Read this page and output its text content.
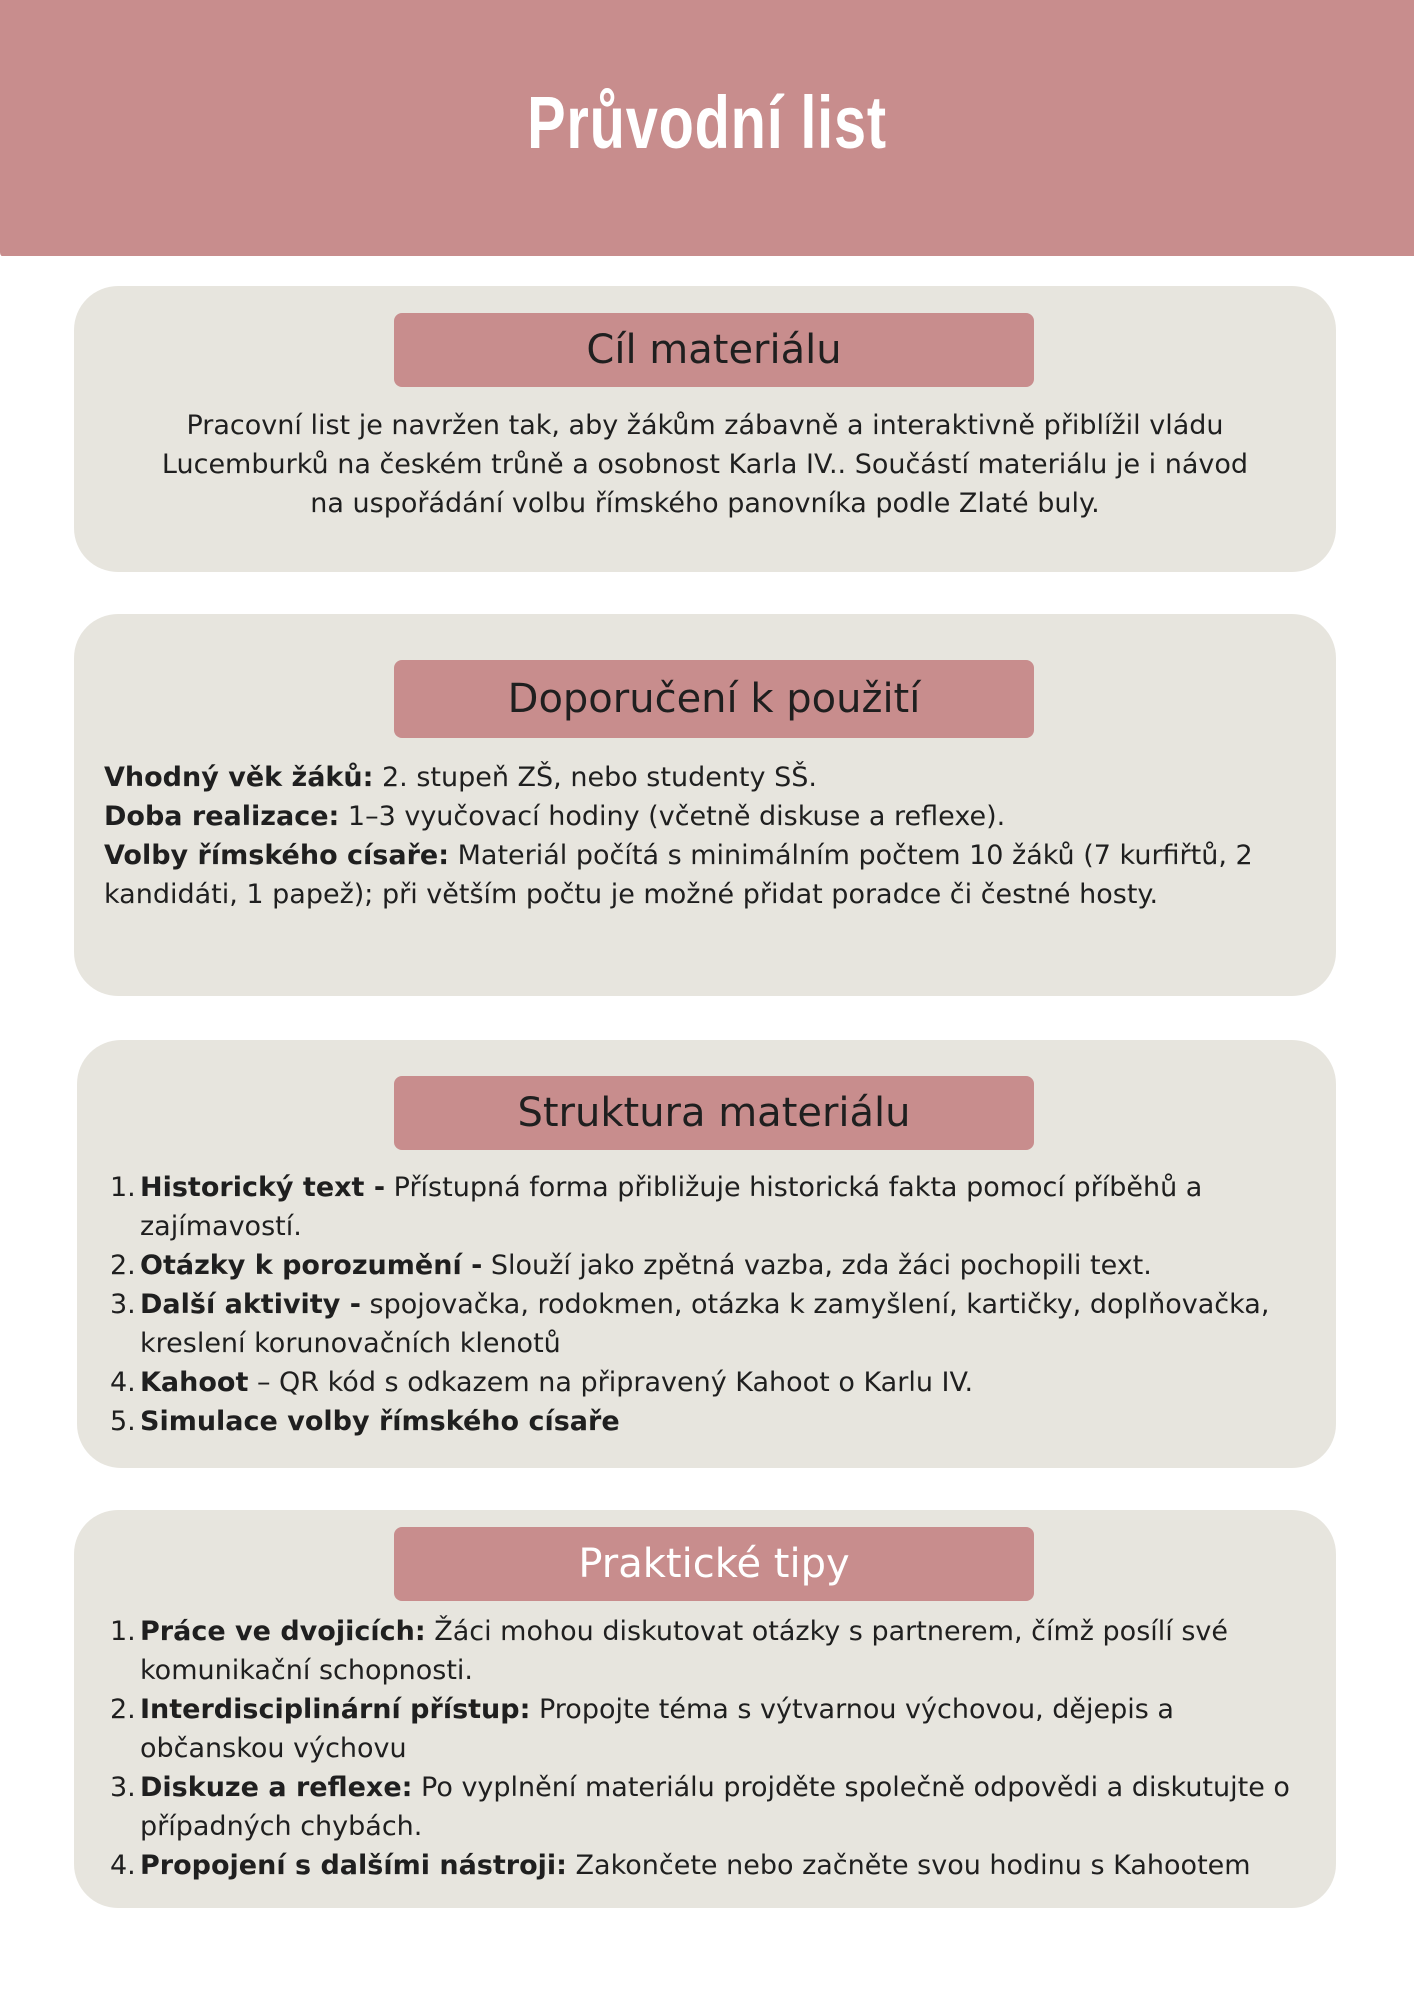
Průvodní list
Cíl materiálu
Pracovní list je navržen tak, aby žákům zábavně a interaktivně přiblížil vládu Lucemburků na českém trůně a osobnost Karla IV.. Součástí materiálu je i návod na uspořádání volbu římského panovníka podle Zlaté buly.
Doporučení k použití
Vhodný věk žáků: 2. stupeň ZŠ, nebo studenty SŠ.
Doba realizace: 1–3 vyučovací hodiny (včetně diskuse a reflexe).
Volby římského císaře: Materiál počítá s minimálním počtem 10 žáků (7 kurfiřtů, 2 kandidáti, 1 papež); při větším počtu je možné přidat poradce či čestné hosty.
Struktura materiálu
1. Historický text - Přístupná forma přibližuje historická fakta pomocí příběhů a zajímavostí.
2. Otázky k porozumění - Slouží jako zpětná vazba, zda žáci pochopili text.
3. Další aktivity - spojovačka, rodokmen, otázka k zamyšlení, kartičky, doplňovačka, kreslení korunovačních klenotů
4. Kahoot – QR kód s odkazem na připravený Kahoot o Karlu IV.
5. Simulace volby římského císaře
Praktické tipy
1. Práce ve dvojicích: Žáci mohou diskutovat otázky s partnerem, čímž posílí své komunikační schopnosti.
2. Interdisciplinární přístup: Propojte téma s výtvarnou výchovou, dějepis a občanskou výchovu
3. Diskuze a reflexe: Po vyplnění materiálu projděte společně odpovědi a diskutujte o případných chybách.
4. Propojení s dalšími nástroji: Zakončete nebo začněte svou hodinu s Kahootem
